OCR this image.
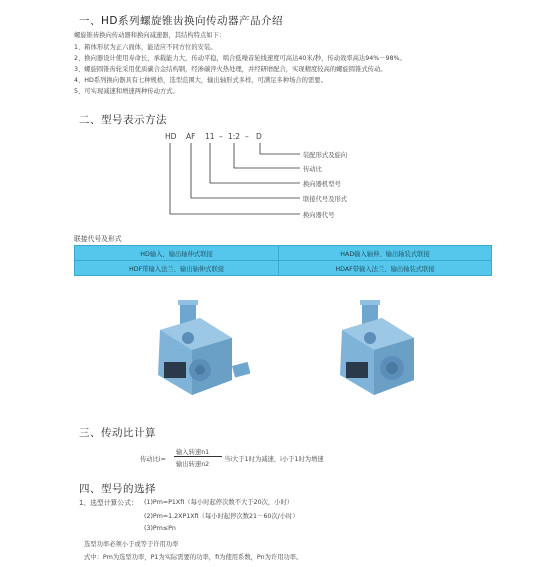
一、HD系列螺旋锥齿换向传动器产品介绍
螺旋锥齿换向传动器和换向减速器，其结构特点如下：
1、箱体形状为正六面体，能适应不同方位的安装。
2、换向器设计使用寿命长，承载能力大，传动平稳，啮合低噪音轮线速度可高达40米/秒，传动效率高达94%－98%。
3、螺旋圆锥齿轮采用优质碳合金结构钢，经渗碳淬火热处理，并经研磨配合，实现精度较高的螺旋圆锥式传动。
4、HD系列换向器具有七种规格，选型范围大，输出轴形式多样，可满足多种场合的需要。
5、可实现减速和增速两种传动方式。
二、型号表示方法
HD AF 11 – 1:2 – D
装配形式及旋向
传动比
换向器机型号
联接代号及形式
换向器代号
联接代号及形式
HD输入、输出轴伸式联接	HAD输入轴伸、输出轴装式联接
HDF带输入法兰、输出轴伸式联接	HDAF带输入法兰、输出轴装式联接
三、传动比计算
传动比i=
输入转速n1
输出转速n2
当i大于1时为减速，i小于1时为增速
四、型号的选择
1、选型计算公式： (1)Pm=P1XfⅠ（每小时起停次数不大于20次，小时）
(2)Pm=1.2XP1XfⅠ（每小时起停次数21－60次/小时）
(3)Pm≤Pn
选型功率必须小于或等于许用功率
式中：Pm为选型功率，P1为实际需要的功率，fⅠ为使用系数，Pn为许用功率。
